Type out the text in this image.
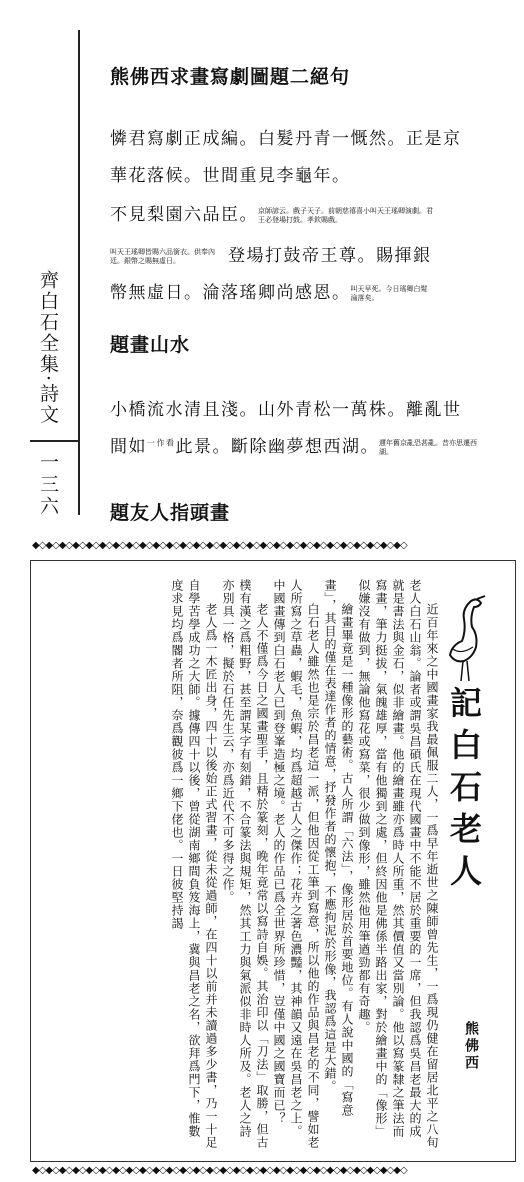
齊白石全集·詩文
一三六
熊佛西求畫寫劇圖題二絕句

憐君寫劇正成編。白髮丹青一慨然。正是京

華花落候。世間重見李龜年。

不見梨園六品臣。京師諺云。戲子天子。前朝慈禧喜小叫天王瑤卿演劇。君王必登場打鼓。孝欽賜戲。

叫天王瑤卿皆賜六品銜衣。供奉內廷。銀幣之賜無虛日。	登場打鼓帝王尊。賜揮銀

幣無虛日。淪落瑤卿尚感恩。叫天早死。今日瑤卿白髮淪落矣。

題畫山水

小橋流水清且淺。山外青松一萬株。離亂世

間如$^{一作看}$此景。斷除幽夢想西湖。邇年舊京亂恐甚亂。昔亦思遷西湖。

題友人指頭畫
◆◇◆◇◆◇◆◇◆◇◆◇◆◇◆◇◆◇◆◇◆◇◆◇◆◇◆◇◆◇◆◇◆◇◆◇◆◇◆◇◆◇◆◇◆◇◆◇◆◇◆◇◆◇◆◇
記白石老人
熊佛西

近百年來之中國畫家我最佩服二人，一爲早年逝世之陳師曾先生，一爲現仍健在留居北平之八旬老人白石山翁。論者或謂吳昌碩氏在現代國畫中不能不居於重要的一席，但我認爲吳昌老最大的成就是書法與金石，似非繪畫。他的繪畫雖亦爲時人所重，然其價值又當別論。他以寫篆隸之筆法而寫畫，筆力挺拔，氣魄雄厚，當有他獨到之處，但終因他是佛係半路出家，對於繪畫中的「像形」似嫌沒有做到，無論他寫花或寫菜，很少做到像形，雖然他用筆遒勁都有奇趣。

繪畫畢竟是一種像形的藝術。古人所謂「六法」，像形居於首要地位。有人說中國的「寫意畫」，其目的僅在表達作者的情意，抒發作者的懷抱，不應拘泥於形像，我認爲這是大錯。

白石老人雖然也是宗於昌老這一派，但他因從工筆到寫意，所以他的作品與昌老的不同，譬如老人所寫之草蟲，蝦毛，魚蝦，均爲超越古人之傑作；花卉之著色濃豔，其神韻又遠在吳昌老之上。中國畫傳到白石老人已到登峯造極之境。老人的作品已爲全世界所珍惜，豈僅中國之國寶而已？

老人不僅爲今日之國畫聖手，且精於篆刻，晚年竟常以寫詩自娛。其治印以「刀法」取勝，但古樸有漢之爲粗野，甚至謂某字有刻錯，不合篆法與規矩，然其工力與氣派似非時人所及。老人之詩亦別具一格，擬於石任先生云，亦爲近代不可多得之作。

老人爲一木匠出身，四十以後始正式習畫，從未從過師，在四十以前并未讀過多少書，乃一十足自學苦學成功之大師。據傳四十以後，曾從湖南鄉間負笈海上，冀與昌老之名，欲拜爲門下，惟數度求見均爲閽者所阻，奈爲觀彼爲一鄉下佬也。一日彼堅持謁

◆◇◆◇◆◇◆◇◆◇◆◇◆◇◆◇◆◇◆◇◆◇◆◇◆◇◆◇◆◇◆◇◆◇◆◇◆◇◆◇◆◇◆◇◆◇◆◇◆◇◆◇◆◇◆◇
